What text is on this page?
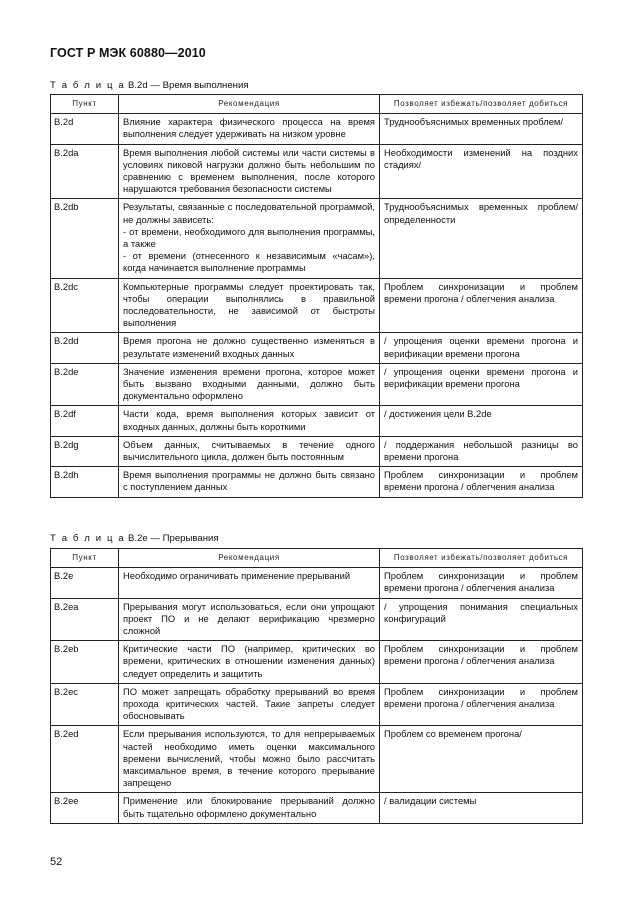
ГОСТ Р МЭК 60880—2010
Т а б л и ц а B.2d — Время выполнения
Пункт	Рекомендация	Позволяет избежать/позволяет добиться
B.2d	Влияние характера физического процесса на время выполнения следует удерживать на низком уровне	Труднообъяснимых временных проблем/
B.2da	Время выполнения любой системы или части системы в условиях пиковой нагрузки должно быть небольшим по сравнению с временем выполнения, после которого нарушаются требования безопасности системы	Необходимости изменений на поздних стадиях/
B.2db	Результаты, связанные с последовательной программой, не должны зависеть:
- от времени, необходимого для выполнения программы, а также
- от времени (отнесенного к независимым «часам»), когда начинается выполнение программы	Труднообъяснимых временных проблем/ определенности
B.2dc	Компьютерные программы следует проектировать так, чтобы операции выполнялись в правильной последовательности, не зависимой от быстроты выполнения	Проблем синхронизации и проблем времени прогона / облегчения анализа
B.2dd	Время прогона не должно существенно изменяться в результате изменений входных данных	/ упрощения оценки времени прогона и верификации времени прогона
B.2de	Значение изменения времени прогона, которое может быть вызвано входными данными, должно быть документально оформлено	/ упрощения оценки времени прогона и верификации времени прогона
B.2df	Части кода, время выполнения которых зависит от входных данных, должны быть короткими	/ достижения цели B.2de
B.2dg	Объем данных, считываемых в течение одного вычислительного цикла, должен быть постоянным	/ поддержания небольшой разницы во времени прогона
B.2dh	Время выполнения программы не должно быть связано с поступлением данных	Проблем синхронизации и проблем времени прогона / облегчения анализа
Т а б л и ц а B.2e — Прерывания
Пункт	Рекомендация	Позволяет избежать/позволяет добиться
B.2e	Необходимо ограничивать применение прерываний	Проблем синхронизации и проблем времени прогона / облегчения анализа
B.2ea	Прерывания могут использоваться, если они упрощают проект ПО и не делают верификацию чрезмерно сложной	/ упрощения понимания специальных конфигураций
B.2eb	Критические части ПО (например, критических во времени, критических в отношении изменения данных) следует определить и защитить	Проблем синхронизации и проблем времени прогона / облегчения анализа
B.2ec	ПО может запрещать обработку прерываний во время прохода критических частей. Такие запреты следует обосновывать	Проблем синхронизации и проблем времени прогона / облегчения анализа
B.2ed	Если прерывания используются, то для непрерываемых частей необходимо иметь оценки максимального времени вычислений, чтобы можно было рассчитать максимальное время, в течение которого прерывание запрещено	Проблем со временем прогона/
B.2ee	Применение или блокирование прерываний должно быть тщательно оформлено документально	/ валидации системы
52
